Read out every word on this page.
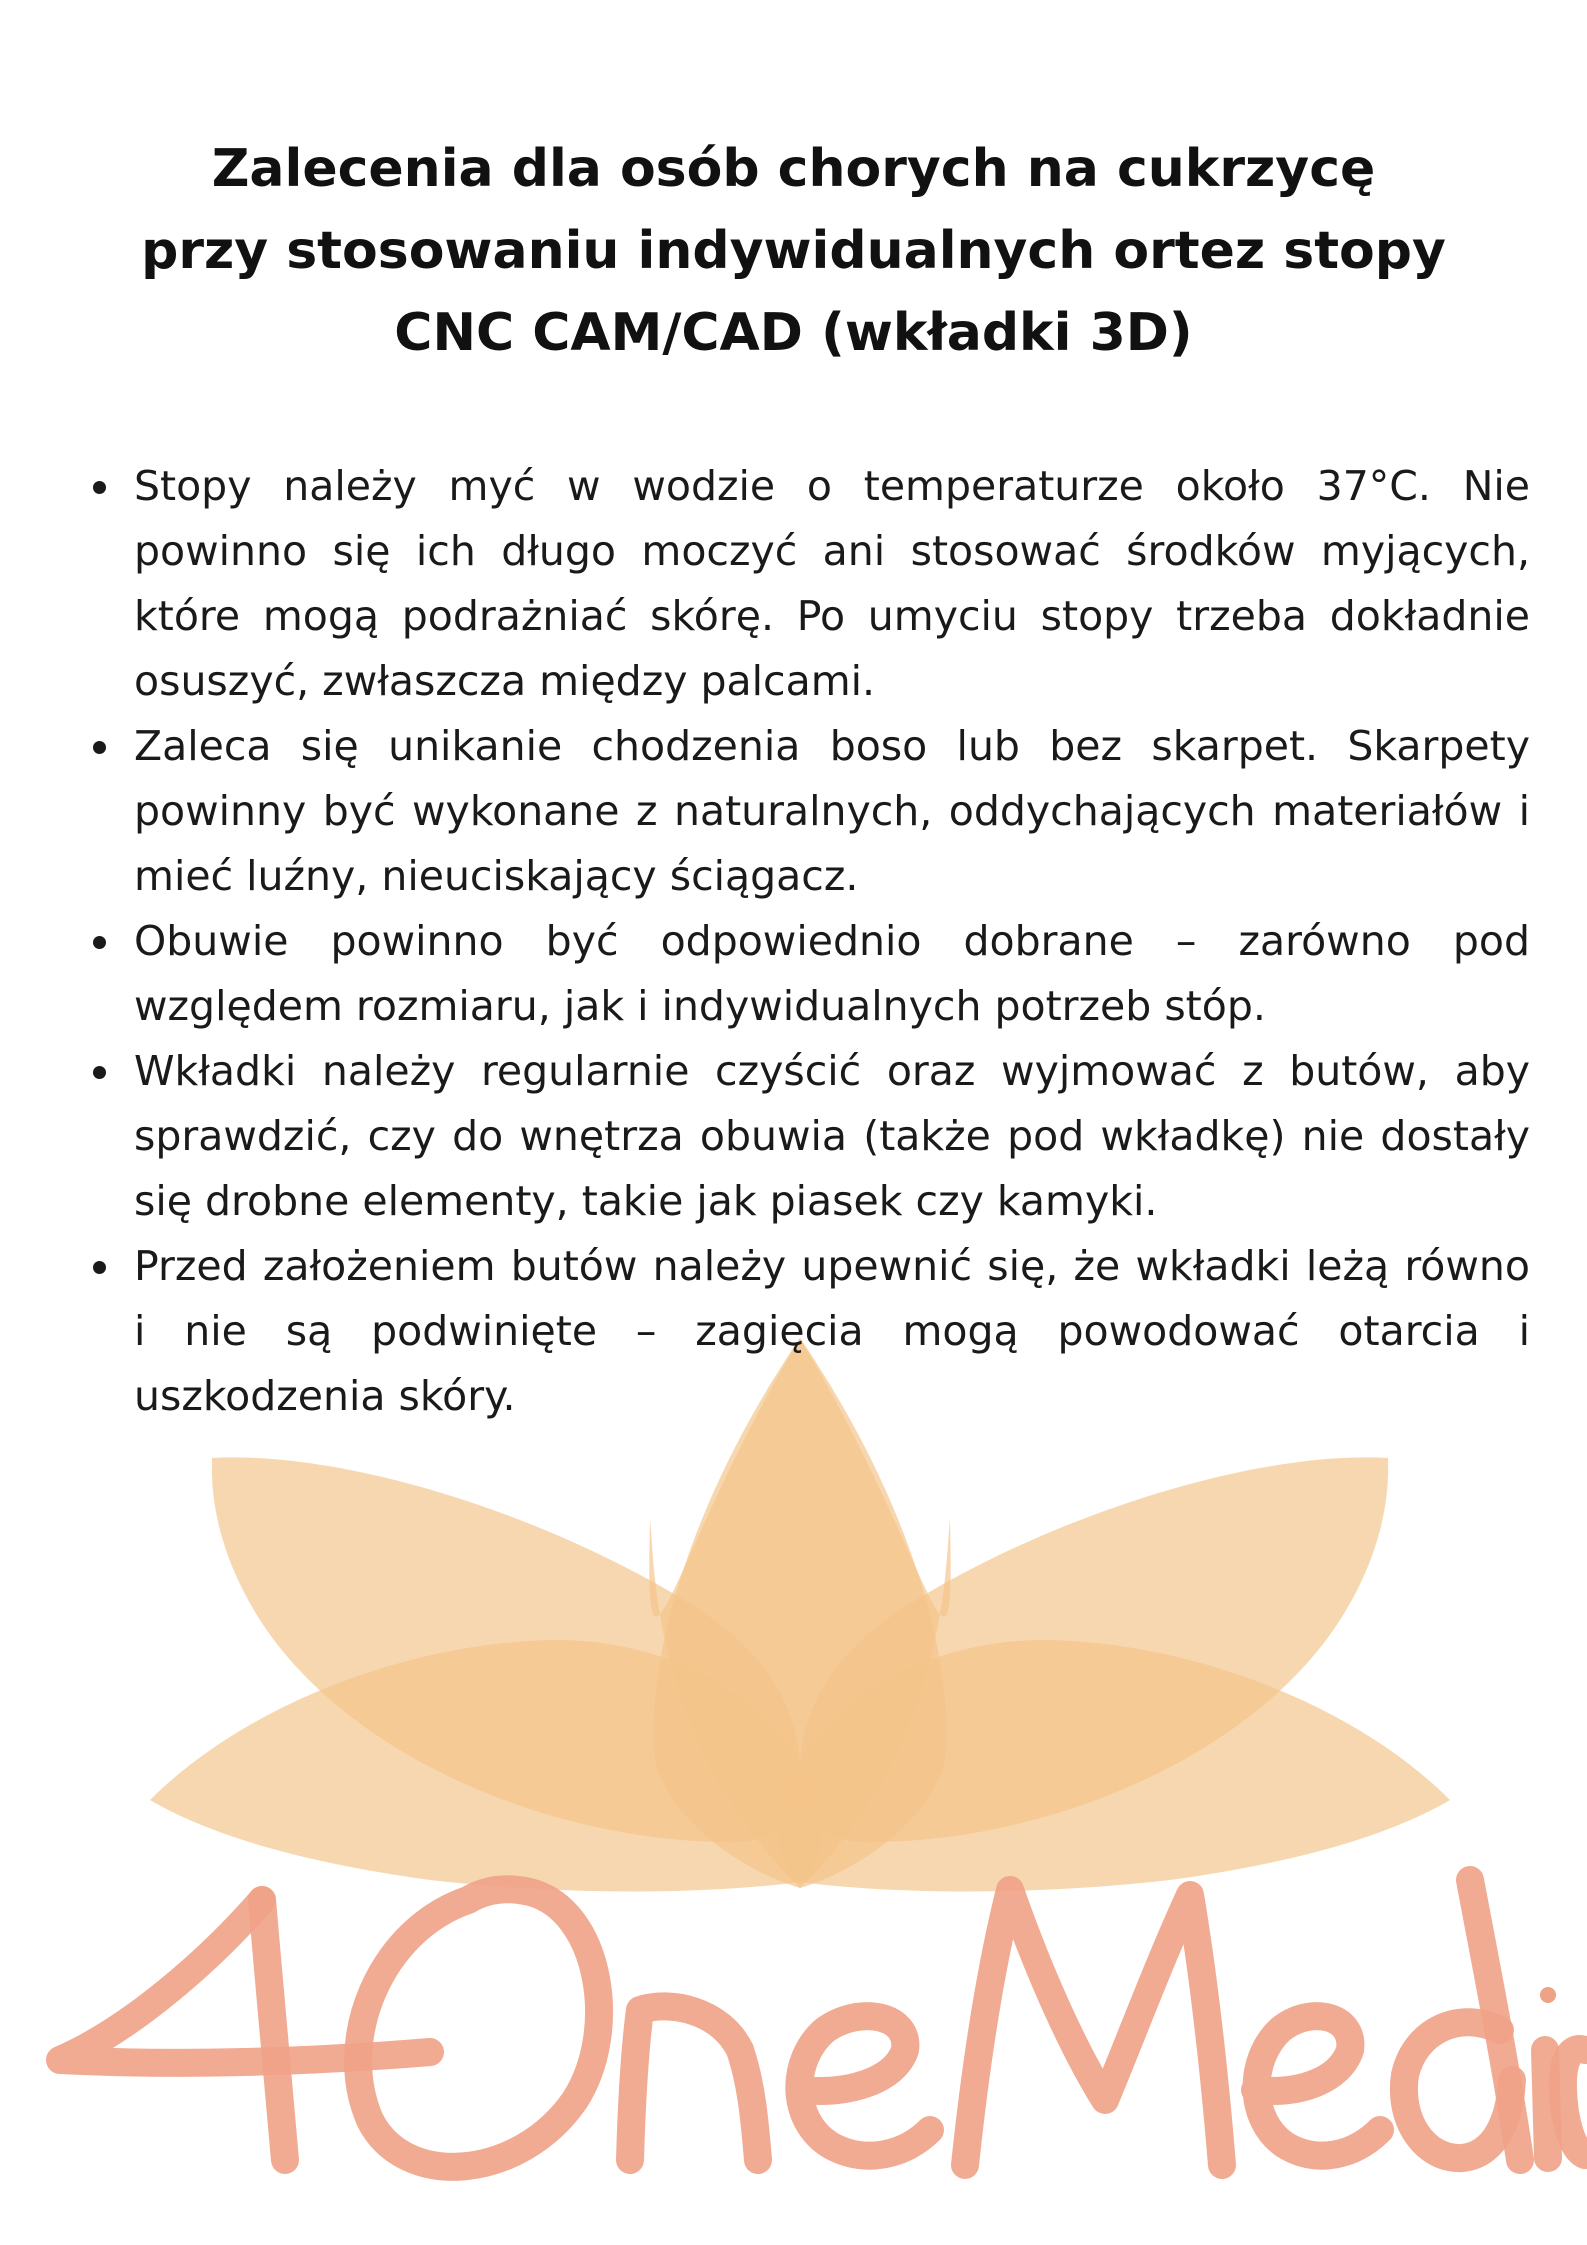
Zalecenia dla osób chorych na cukrzycę
przy stosowaniu indywidualnych ortez stopy
CNC CAM/CAD (wkładki 3D)
Stopy należy myć w wodzie o temperaturze około 37°C. Nie powinno się ich długo moczyć ani stosować środków myjących, które mogą podrażniać skórę. Po umyciu stopy trzeba dokładnie osuszyć, zwłaszcza między palcami.
Zaleca się unikanie chodzenia boso lub bez skarpet. Skarpety powinny być wykonane z naturalnych, oddychających materiałów i mieć luźny, nieuciskający ściągacz.
Obuwie powinno być odpowiednio dobrane – zarówno pod względem rozmiaru, jak i indywidualnych potrzeb stóp.
Wkładki należy regularnie czyścić oraz wyjmować z butów, aby sprawdzić, czy do wnętrza obuwia (także pod wkładkę) nie dostały się drobne elementy, takie jak piasek czy kamyki.
Przed założeniem butów należy upewnić się, że wkładki leżą równo i nie są podwinięte – zagięcia mogą powodować otarcia i uszkodzenia skóry.
